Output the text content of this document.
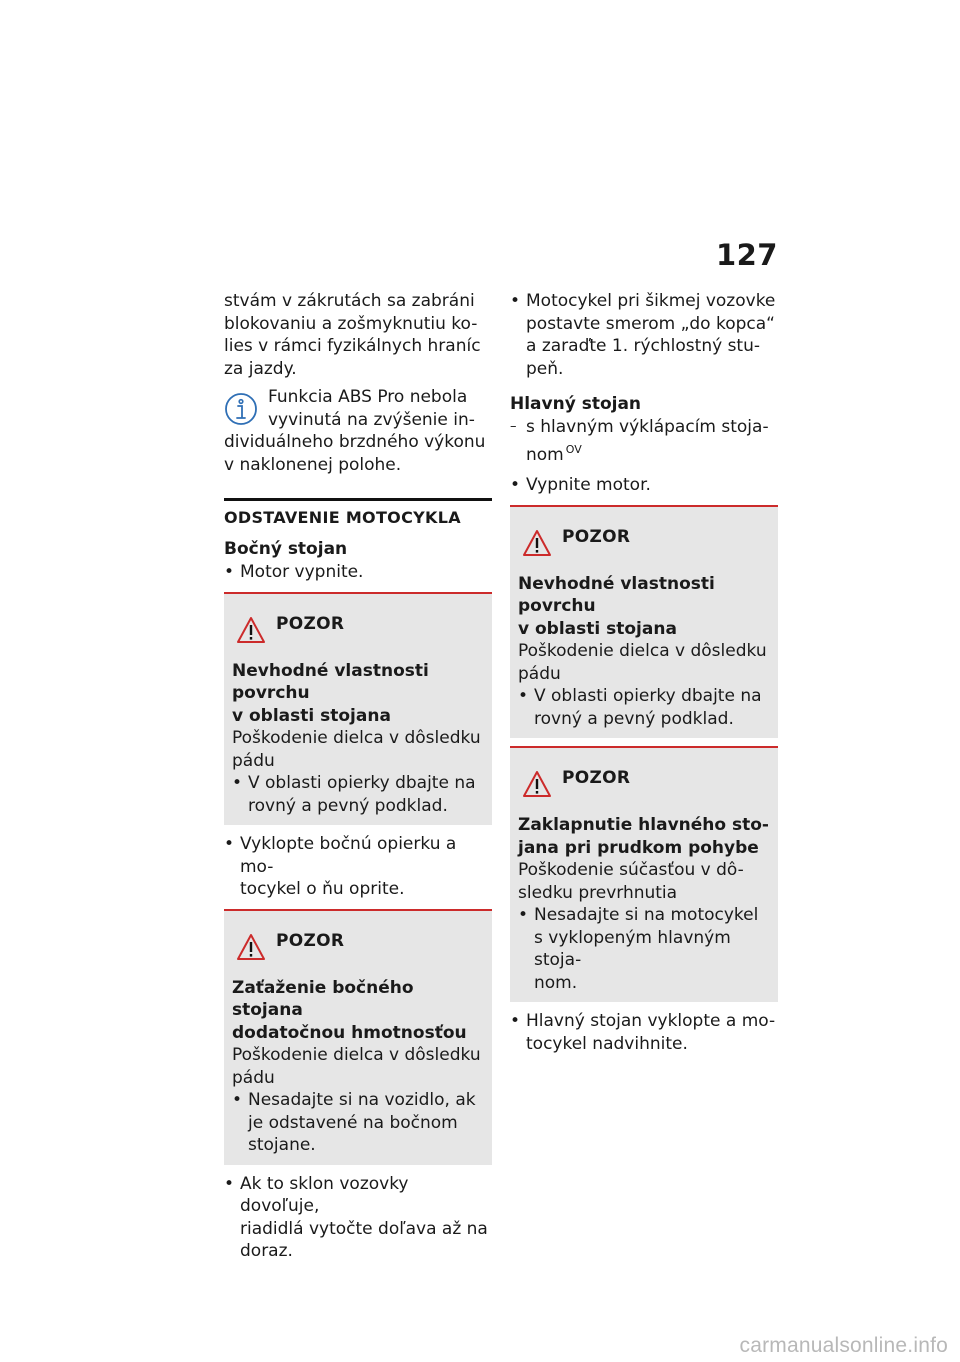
127
stvám v zákrutách sa zabráni
blokovaniu a zošmyknutiu ko-
lies v rámci fyzikálnych hraníc
za jazdy.
Funkcia ABS Pro nebola
vyvinutá na zvýšenie in-
dividuálneho brzdného výkonu
v naklonenej polohe.
ODSTAVENIE MOTOCYKLA
Bočný stojan
• Motor vypnite.
POZOR
Nevhodné vlastnosti povrchu
v oblasti stojana
Poškodenie dielca v dôsledku
pádu
• V oblasti opierky dbajte na
rovný a pevný podklad.
• Vyklopte bočnú opierku a mo-
tocykel o ňu oprite.
POZOR
Zaťaženie bočného stojana
dodatočnou hmotnosťou
Poškodenie dielca v dôsledku
pádu
• Nesadajte si na vozidlo, ak
je odstavené na bočnom
stojane.
• Ak to sklon vozovky dovoľuje,
riadidlá vytočte doľava až na
doraz.
• Motocykel pri šikmej vozovke
postavte smerom „do kopca“
a zaraďte 1. rýchlostný stu-
peň.
Hlavný stojan
– s hlavným výklápacím stoja-
nom $^{OV}$
• Vypnite motor.
POZOR
Nevhodné vlastnosti povrchu
v oblasti stojana
Poškodenie dielca v dôsledku
pádu
• V oblasti opierky dbajte na
rovný a pevný podklad.
POZOR
Zaklapnutie hlavného sto-
jana pri prudkom pohybe
Poškodenie súčasťou v dô-
sledku prevrhnutia
• Nesadajte si na motocykel
s vyklopeným hlavným stoja-
nom.
• Hlavný stojan vyklopte a mo-
tocykel nadvihnite.
carmanualsonline.info
